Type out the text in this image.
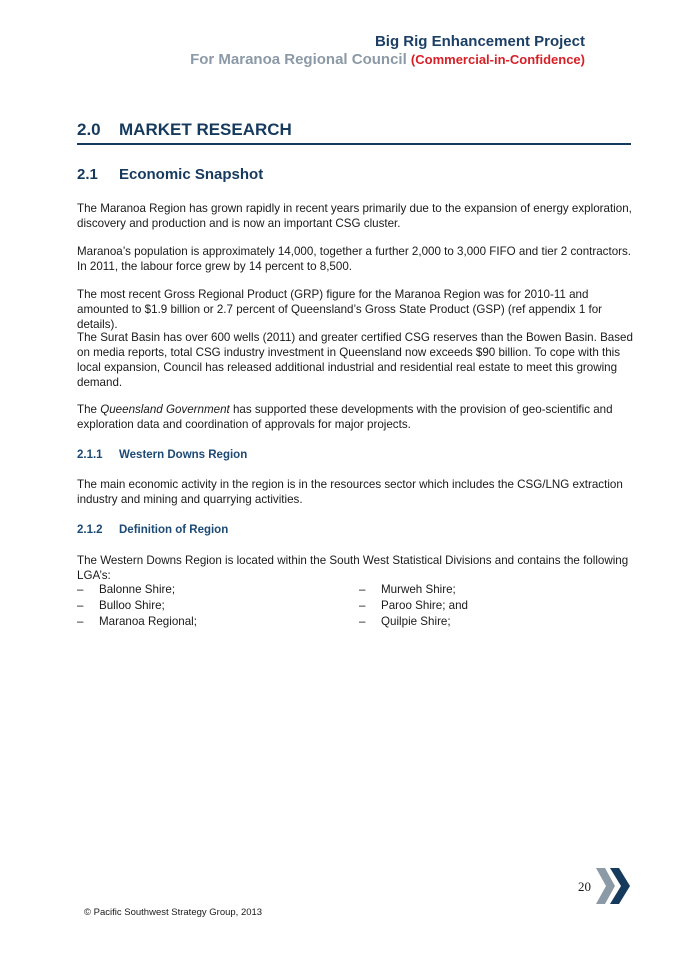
Big Rig Enhancement Project
For Maranoa Regional Council (Commercial-in-Confidence)
2.0 MARKET RESEARCH
2.1 Economic Snapshot
The Maranoa Region has grown rapidly in recent years primarily due to the expansion of energy exploration, discovery and production and is now an important CSG cluster.
Maranoa’s population is approximately 14,000, together a further 2,000 to 3,000 FIFO and tier 2 contractors. In 2011, the labour force grew by 14 percent to 8,500.
The most recent Gross Regional Product (GRP) figure for the Maranoa Region was for 2010-11 and amounted to $1.9 billion or 2.7 percent of Queensland’s Gross State Product (GSP) (ref appendix 1 for details).
The Surat Basin has over 600 wells (2011) and greater certified CSG reserves than the Bowen Basin. Based on media reports, total CSG industry investment in Queensland now exceeds $90 billion. To cope with this local expansion, Council has released additional industrial and residential real estate to meet this growing demand.
The Queensland Government has supported these developments with the provision of geo-scientific and exploration data and coordination of approvals for major projects.
2.1.1 Western Downs Region
The main economic activity in the region is in the resources sector which includes the CSG/LNG extraction industry and mining and quarrying activities.
2.1.2 Definition of Region
The Western Downs Region is located within the South West Statistical Divisions and contains the following LGA’s:
–	Balonne Shire;
–	Bulloo Shire;
–	Maranoa Regional;
–	Murweh Shire;
–	Paroo Shire; and
–	Quilpie Shire;
20
© Pacific Southwest Strategy Group, 2013
